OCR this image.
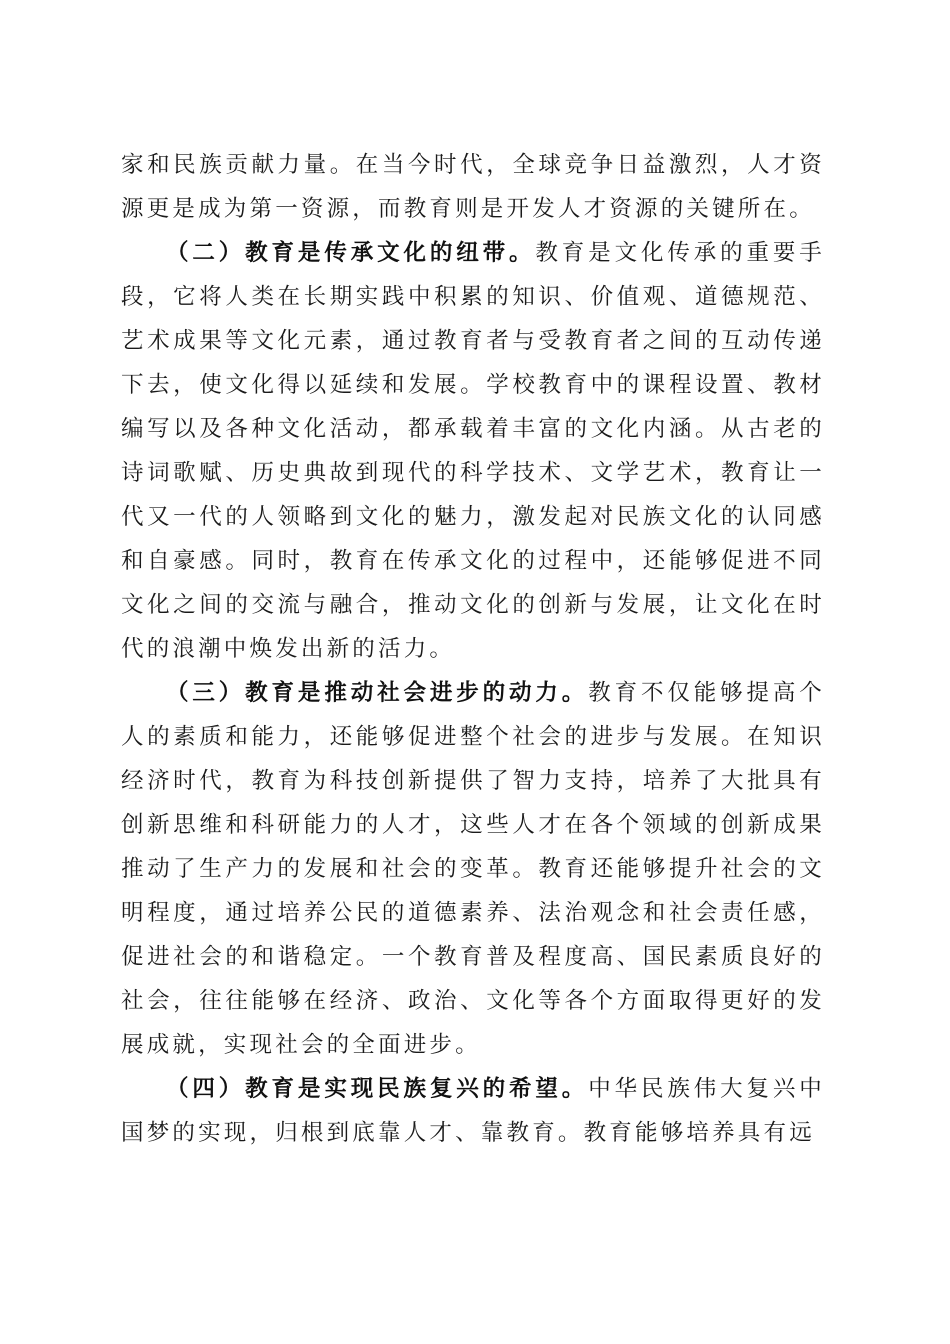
家和民族贡献力量。在当今时代，全球竞争日益激烈，人才资源更是成为第一资源，而教育则是开发人才资源的关键所在。

（二）教育是传承文化的纽带。教育是文化传承的重要手段，它将人类在长期实践中积累的知识、价值观、道德规范、艺术成果等文化元素，通过教育者与受教育者之间的互动传递下去，使文化得以延续和发展。学校教育中的课程设置、教材编写以及各种文化活动，都承载着丰富的文化内涵。从古老的诗词歌赋、历史典故到现代的科学技术、文学艺术，教育让一代又一代的人领略到文化的魅力，激发起对民族文化的认同感和自豪感。同时，教育在传承文化的过程中，还能够促进不同文化之间的交流与融合，推动文化的创新与发展，让文化在时代的浪潮中焕发出新的活力。

（三）教育是推动社会进步的动力。教育不仅能够提高个人的素质和能力，还能够促进整个社会的进步与发展。在知识经济时代，教育为科技创新提供了智力支持，培养了大批具有创新思维和科研能力的人才，这些人才在各个领域的创新成果推动了生产力的发展和社会的变革。教育还能够提升社会的文明程度，通过培养公民的道德素养、法治观念和社会责任感，促进社会的和谐稳定。一个教育普及程度高、国民素质良好的社会，往往能够在经济、政治、文化等各个方面取得更好的发展成就，实现社会的全面进步。

（四）教育是实现民族复兴的希望。中华民族伟大复兴中国梦的实现，归根到底靠人才、靠教育。教育能够培养具有远
